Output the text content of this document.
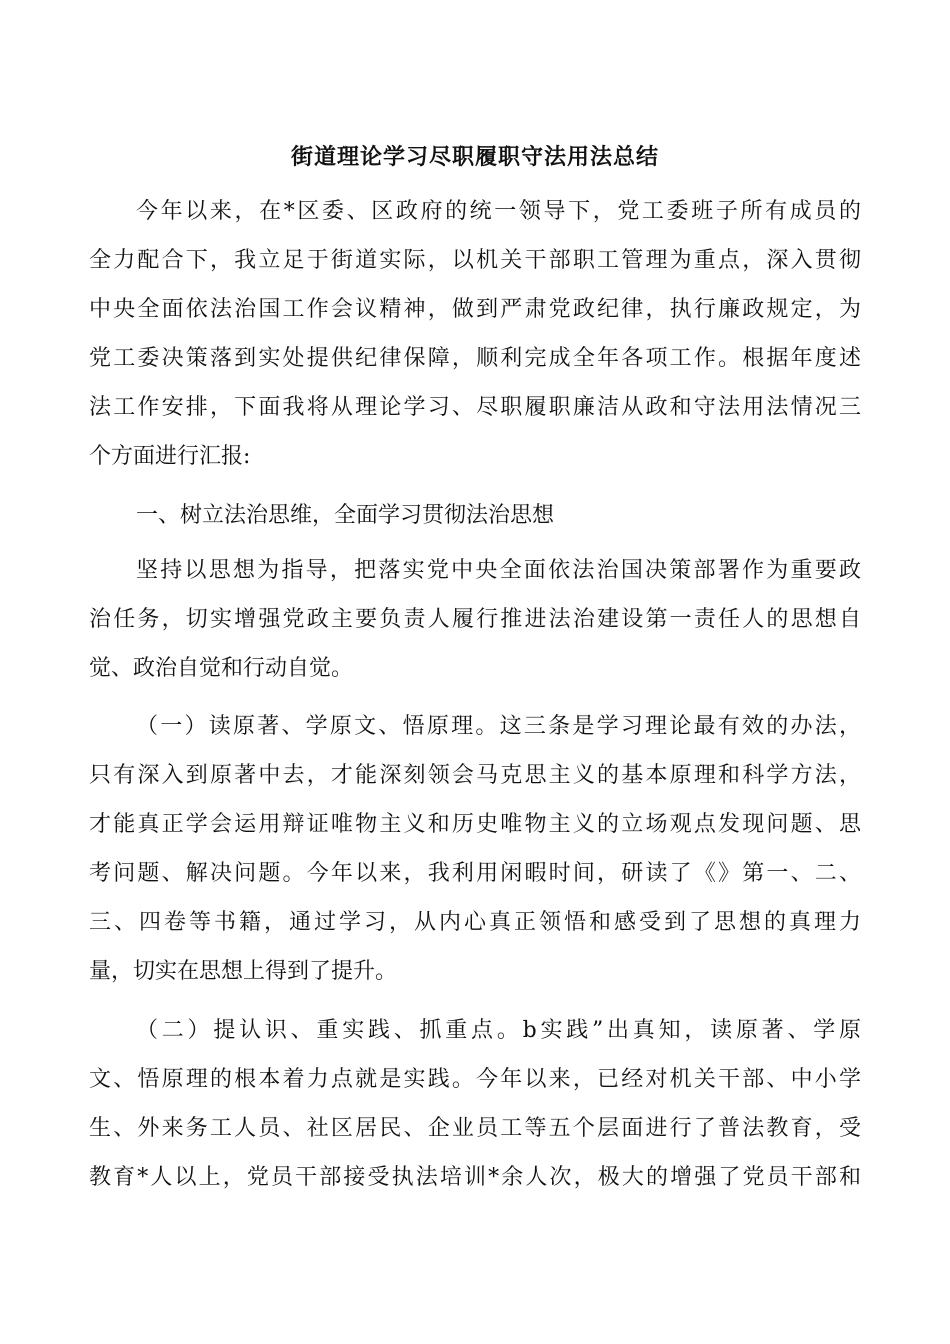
街道理论学习尽职履职守法用法总结
今年以来，在*区委、区政府的统一领导下，党工委班子所有成员的
全力配合下，我立足于街道实际，以机关干部职工管理为重点，深入贯彻
中央全面依法治国工作会议精神，做到严肃党政纪律，执行廉政规定，为
党工委决策落到实处提供纪律保障，顺利完成全年各项工作。根据年度述
法工作安排，下面我将从理论学习、尽职履职廉洁从政和守法用法情况三
个方面进行汇报:
一、树立法治思维，全面学习贯彻法治思想
坚持以思想为指导，把落实党中央全面依法治国决策部署作为重要政
治任务，切实增强党政主要负责人履行推进法治建设第一责任人的思想自
觉、政治自觉和行动自觉。
（一）读原著、学原文、悟原理。这三条是学习理论最有效的办法，
只有深入到原著中去，才能深刻领会马克思主义的基本原理和科学方法，
才能真正学会运用辩证唯物主义和历史唯物主义的立场观点发现问题、思
考问题、解决问题。今年以来，我利用闲暇时间，研读了《》第一、二、
三、四卷等书籍，通过学习，从内心真正领悟和感受到了思想的真理力
量，切实在思想上得到了提升。
（二）提认识、重实践、抓重点。b实践”出真知，读原著、学原
文、悟原理的根本着力点就是实践。今年以来，已经对机关干部、中小学
生、外来务工人员、社区居民、企业员工等五个层面进行了普法教育，受
教育*人以上，党员干部接受执法培训*余人次，极大的增强了党员干部和
